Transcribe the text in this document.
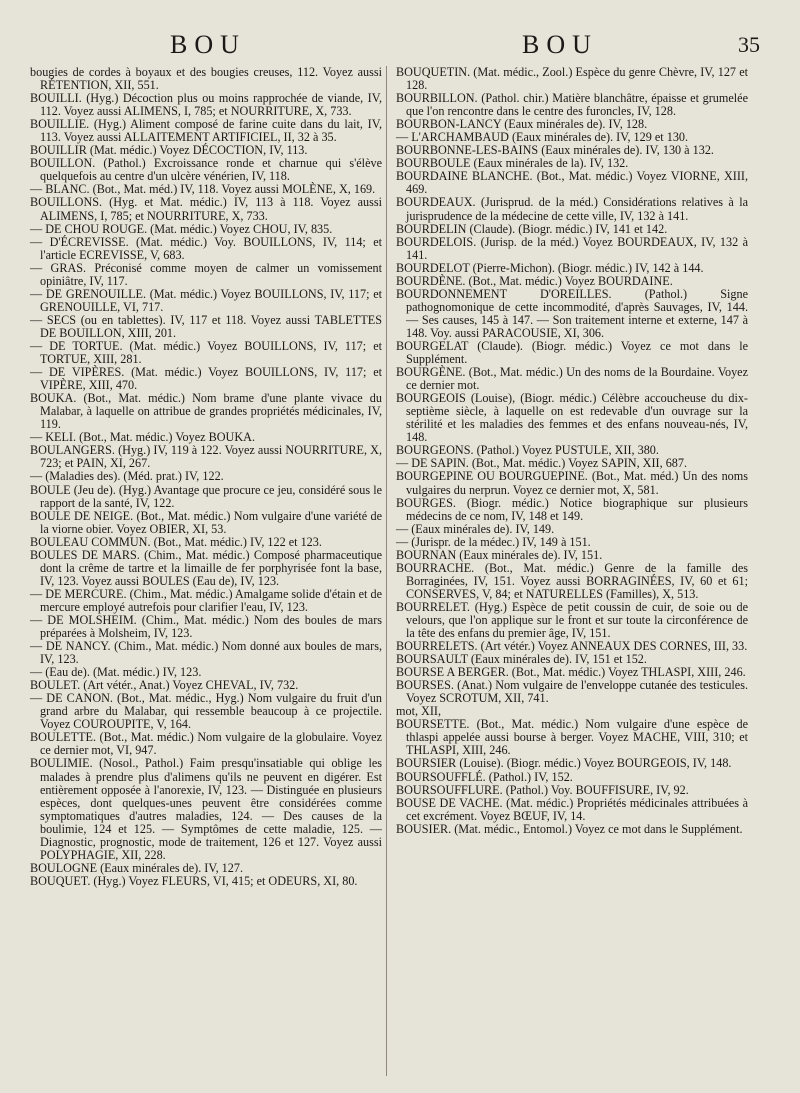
BOU	BOU	35

bougies de cordes à boyaux et des bougies creuses, 112. Voyez aussi RÉTENTION, XII, 551.

BOUILLI. (Hyg.) Décoction plus ou moins rapprochée de viande, IV, 112. Voyez aussi ALIMENS, I, 785; et NOURRITURE, X, 733.

BOUILLIE. (Hyg.) Aliment composé de farine cuite dans du lait, IV, 113. Voyez aussi ALLAITEMENT ARTIFICIEL, II, 32 à 35.

BOUILLIR (Mat. médic.) Voyez DÉCOCTION, IV, 113.

BOUILLON. (Pathol.) Excroissance ronde et charnue qui s'élève quelquefois au centre d'un ulcère vénérien, IV, 118.

— BLANC. (Bot., Mat. méd.) IV, 118. Voyez aussi MOLÈNE, X, 169.

BOUILLONS. (Hyg. et Mat. médic.) IV, 113 à 118. Voyez aussi ALIMENS, I, 785; et NOURRITURE, X, 733.

— DE CHOU ROUGE. (Mat. médic.) Voyez CHOU, IV, 835.

— D'ÉCREVISSE. (Mat. médic.) Voy. BOUILLONS, IV, 114; et l'article ECREVISSE, V, 683.

— GRAS. Préconisé comme moyen de calmer un vomissement opiniâtre, IV, 117.

— DE GRENOUILLE. (Mat. médic.) Voyez BOUILLONS, IV, 117; et GRENOUILLE, VI, 717.

— SECS (ou en tablettes). IV, 117 et 118. Voyez aussi TABLETTES DE BOUILLON, XIII, 201.

— DE TORTUE. (Mat. médic.) Voyez BOUILLONS, IV, 117; et TORTUE, XIII, 281.

— DE VIPÈRES. (Mat. médic.) Voyez BOUILLONS, IV, 117; et VIPÈRE, XIII, 470.

BOUKA. (Bot., Mat. médic.) Nom brame d'une plante vivace du Malabar, à laquelle on attribue de grandes propriétés médicinales, IV, 119.

— KELI. (Bot., Mat. médic.) Voyez BOUKA.

BOULANGERS. (Hyg.) IV, 119 à 122. Voyez aussi NOURRITURE, X, 723; et PAIN, XI, 267.

— (Maladies des). (Méd. prat.) IV, 122.

BOULE (Jeu de). (Hyg.) Avantage que procure ce jeu, considéré sous le rapport de la santé, IV, 122.

BOULE DE NEIGE. (Bot., Mat. médic.) Nom vulgaire d'une variété de la viorne obier. Voyez OBIER, XI, 53.

BOULEAU COMMUN. (Bot., Mat. médic.) IV, 122 et 123.

BOULES DE MARS. (Chim., Mat. médic.) Composé pharmaceutique dont la crême de tartre et la limaille de fer porphyrisée font la base, IV, 123. Voyez aussi BOULES (Eau de), IV, 123.

— DE MERCURE. (Chim., Mat. médic.) Amalgame solide d'étain et de mercure employé autrefois pour clarifier l'eau, IV, 123.

— DE MOLSHEIM. (Chim., Mat. médic.) Nom des boules de mars préparées à Molsheim, IV, 123.

— DE NANCY. (Chim., Mat. médic.) Nom donné aux boules de mars, IV, 123.

— (Eau de). (Mat. médic.) IV, 123.

BOULET. (Art vétér., Anat.) Voyez CHEVAL, IV, 732.

— DE CANON. (Bot., Mat. médic., Hyg.) Nom vulgaire du fruit d'un grand arbre du Malabar, qui ressemble beaucoup à ce projectile. Voyez COUROUPITE, V, 164.

BOULETTE. (Bot., Mat. médic.) Nom vulgaire de la globulaire. Voyez ce dernier mot, VI, 947.

BOULIMIE. (Nosol., Pathol.) Faim presqu'insatiable qui oblige les malades à prendre plus d'alimens qu'ils ne peuvent en digérer. Est entièrement opposée à l'anorexie, IV, 123. — Distinguée en plusieurs espèces, dont quelques-unes peuvent être considérées comme symptomatiques d'autres maladies, 124. — Des causes de la boulimie, 124 et 125. — Symptômes de cette maladie, 125. — Diagnostic, prognostic, mode de traitement, 126 et 127. Voyez aussi POLYPHAGIE, XII, 228.

BOULOGNE (Eaux minérales de). IV, 127.

BOUQUET. (Hyg.) Voyez FLEURS, VI, 415; et ODEURS, XI, 80.

BOUQUETIN. (Mat. médic., Zool.) Espèce du genre Chèvre, IV, 127 et 128.

BOURBILLON. (Pathol. chir.) Matière blanchâtre, épaisse et grumelée que l'on rencontre dans le centre des furoncles, IV, 128.

BOURBON-LANCY (Eaux minérales de). IV, 128.

— L'ARCHAMBAUD (Eaux minérales de). IV, 129 et 130.

BOURBONNE-LES-BAINS (Eaux minérales de). IV, 130 à 132.

BOURBOULE (Eaux minérales de la). IV, 132.

BOURDAINE BLANCHE. (Bot., Mat. médic.) Voyez VIORNE, XIII, 469.

BOURDEAUX. (Jurisprud. de la méd.) Considérations relatives à la jurisprudence de la médecine de cette ville, IV, 132 à 141.

BOURDELIN (Claude). (Biogr. médic.) IV, 141 et 142.

BOURDELOIS. (Jurisp. de la méd.) Voyez BOURDEAUX, IV, 132 à 141.

BOURDELOT (Pierre-Michon). (Biogr. médic.) IV, 142 à 144.

BOURDÈNE. (Bot., Mat. médic.) Voyez BOURDAINE.

BOURDONNEMENT D'OREILLES. (Pathol.) Signe pathognomonique de cette incommodité, d'après Sauvages, IV, 144. — Ses causes, 145 à 147. — Son traitement interne et externe, 147 à 148. Voy. aussi PARACOUSIE, XI, 306.

BOURGELAT (Claude). (Biogr. médic.) Voyez ce mot dans le Supplément.

BOURGÈNE. (Bot., Mat. médic.) Un des noms de la Bourdaine. Voyez ce dernier mot.

BOURGEOIS (Louise), (Biogr. médic.) Célèbre accoucheuse du dix-septième siècle, à laquelle on est redevable d'un ouvrage sur la stérilité et les maladies des femmes et des enfans nouveau-nés, IV, 148.

BOURGEONS. (Pathol.) Voyez PUSTULE, XII, 380.

— DE SAPIN. (Bot., Mat. médic.) Voyez SAPIN, XII, 687.

BOURGEPINE OU BOURGUEPINE. (Bot., Mat. méd.) Un des noms vulgaires du nerprun. Voyez ce dernier mot, X, 581.

BOURGES. (Biogr. médic.) Notice biographique sur plusieurs médecins de ce nom, IV, 148 et 149.

— (Eaux minérales de). IV, 149.

— (Jurispr. de la médec.) IV, 149 à 151.

BOURNAN (Eaux minérales de). IV, 151.

BOURRACHE. (Bot., Mat. médic.) Genre de la famille des Borraginées, IV, 151. Voyez aussi BORRAGINÉES, IV, 60 et 61; CONSERVES, V, 84; et NATURELLES (Familles), X, 513.

BOURRELET. (Hyg.) Espèce de petit coussin de cuir, de soie ou de velours, que l'on applique sur le front et sur toute la circonférence de la tête des enfans du premier âge, IV, 151.

BOURRELETS. (Art vétér.) Voyez ANNEAUX DES CORNES, III, 33.

BOURSAULT (Eaux minérales de). IV, 151 et 152.

BOURSE A BERGER. (Bot., Mat. médic.) Voyez THLASPI, XIII, 246.

BOURSES. (Anat.) Nom vulgaire de l'enveloppe cutanée des testicules. Voyez SCROTUM, XII, 741.

mot, XII,

BOURSETTE. (Bot., Mat. médic.) Nom vulgaire d'une espèce de thlaspi appelée aussi bourse à berger. Voyez MACHE, VIII, 310; et THLASPI, XIII, 246.

BOURSIER (Louise). (Biogr. médic.) Voyez BOURGEOIS, IV, 148.

BOURSOUFFLÉ. (Pathol.) IV, 152.

BOURSOUFFLURE. (Pathol.) Voy. BOUFFISURE, IV, 92.

BOUSE DE VACHE. (Mat. médic.) Propriétés médicinales attribuées à cet excrément. Voyez BŒUF, IV, 14.

BOUSIER. (Mat. médic., Entomol.) Voyez ce mot dans le Supplément.
